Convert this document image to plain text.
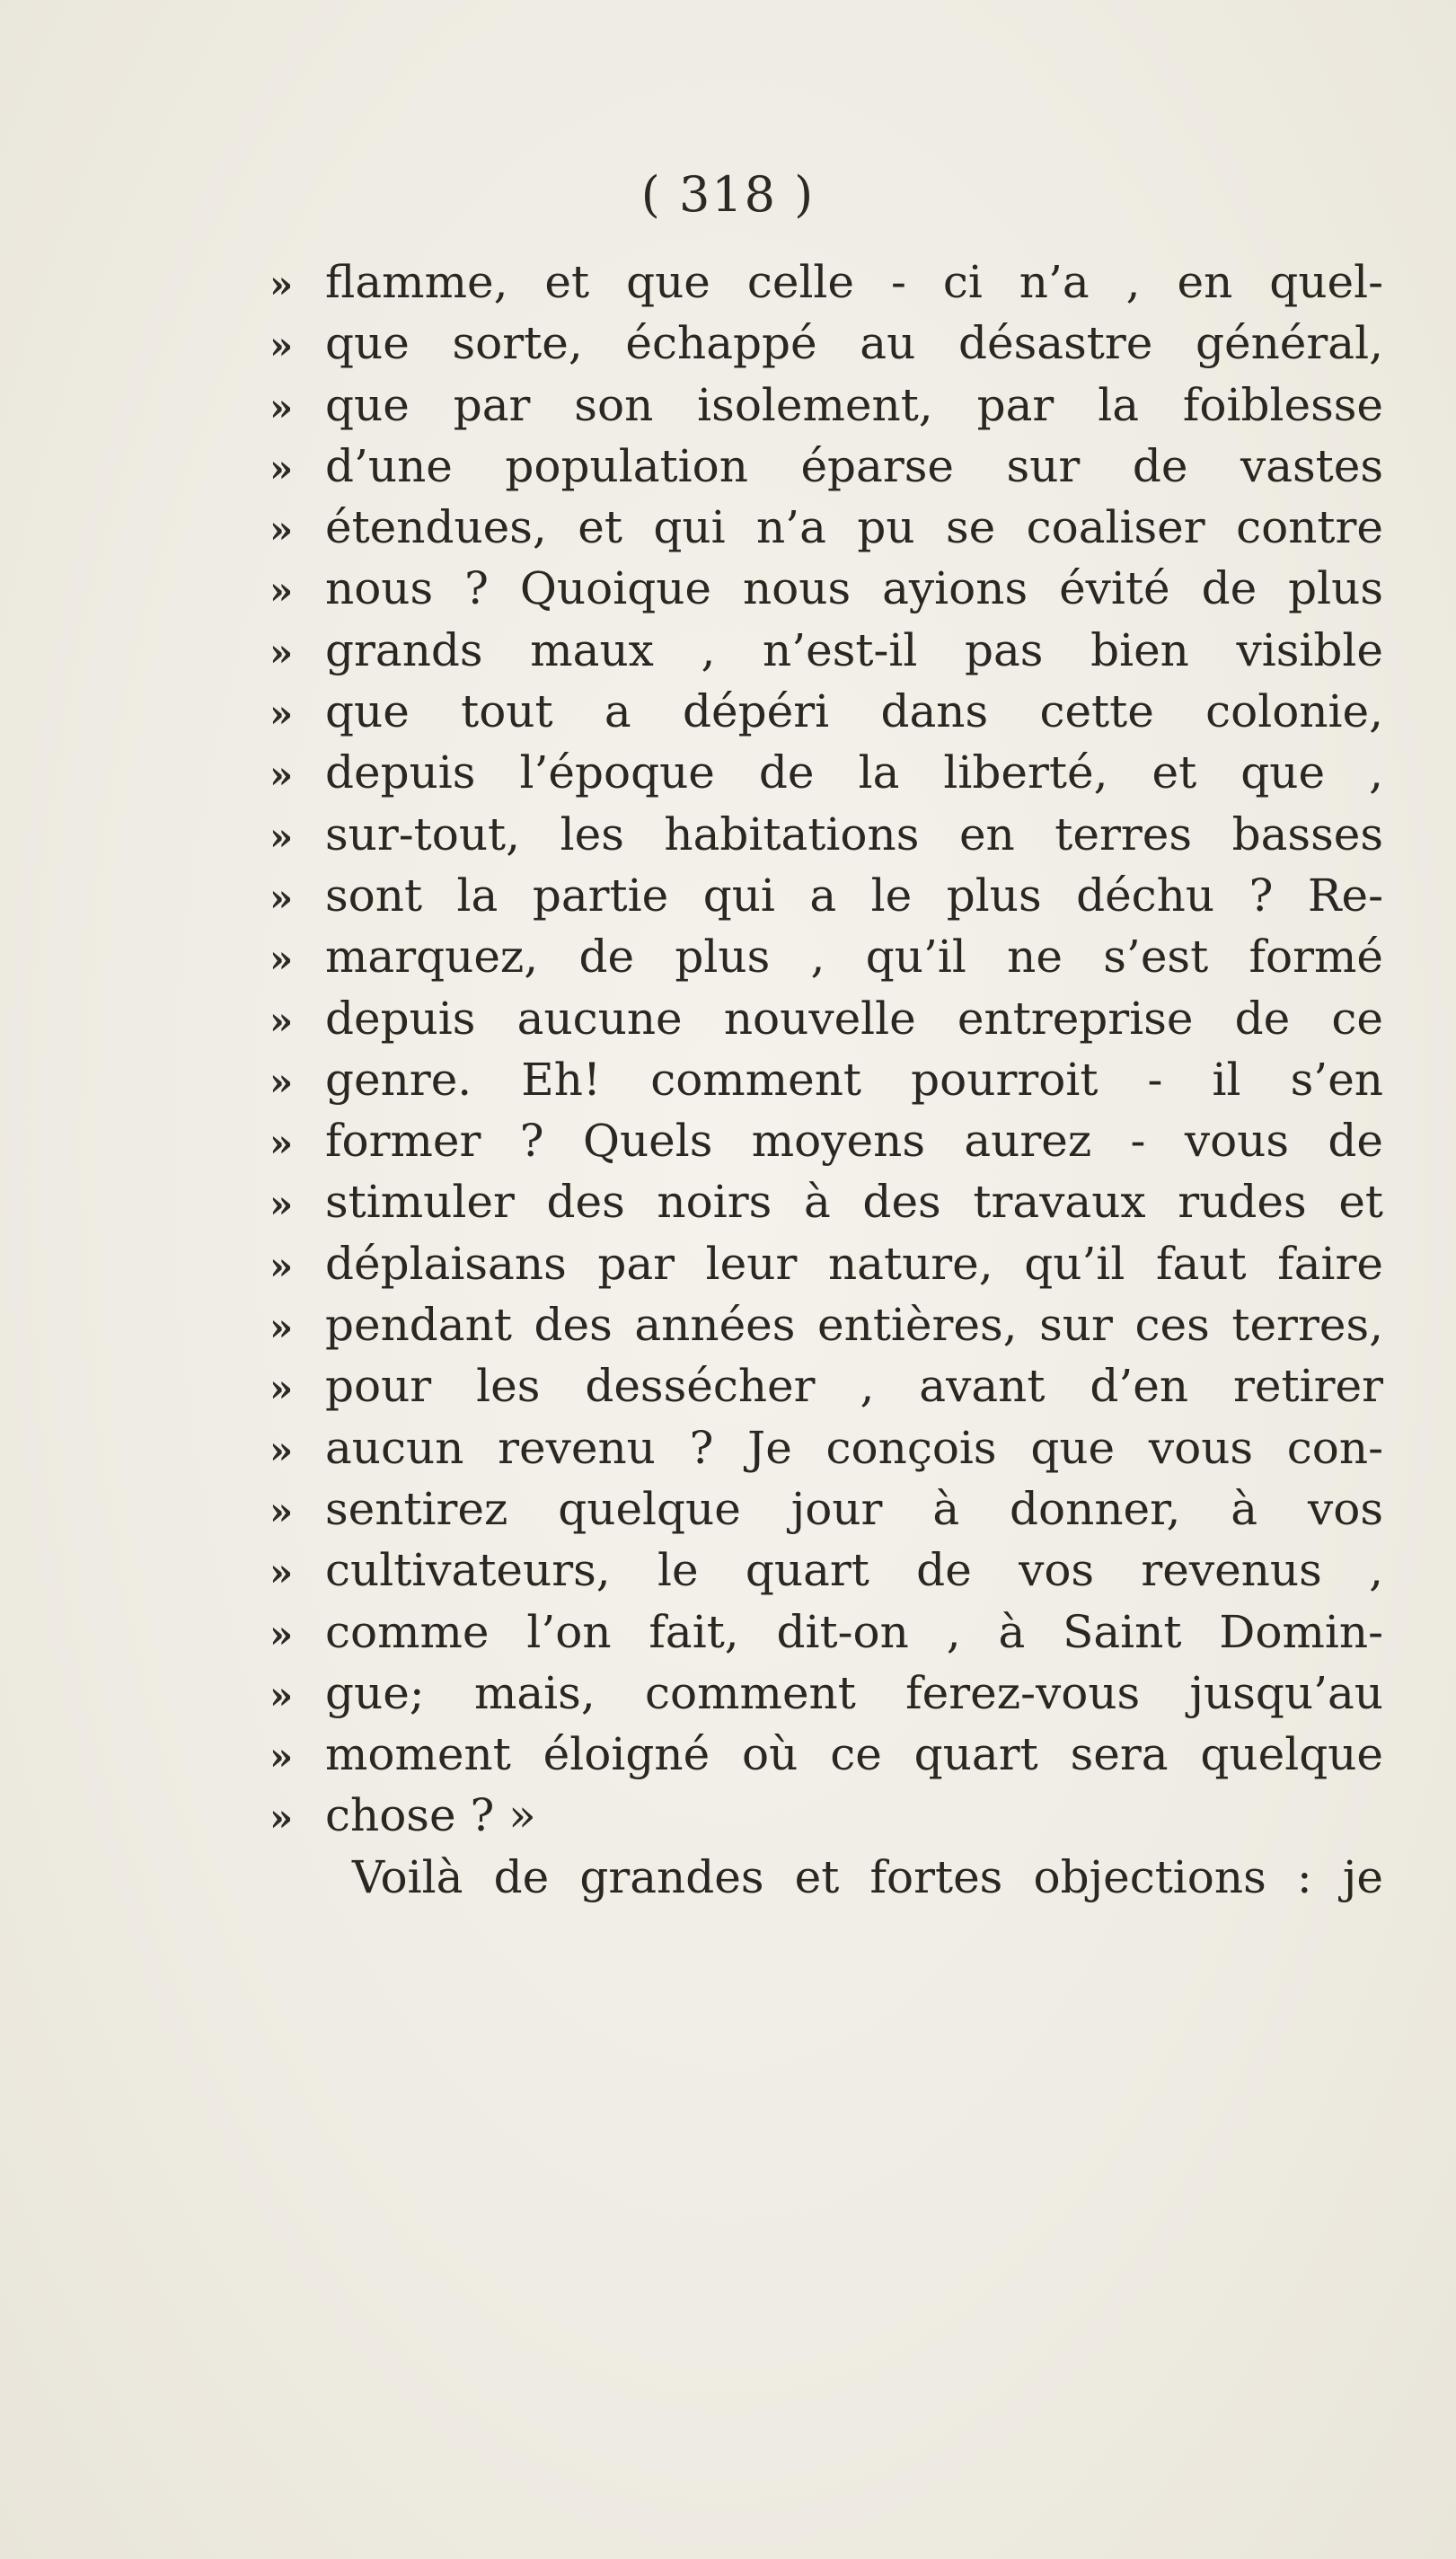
( 318 )
» flamme, et que celle - ci n’a , en quel-
» que sorte, échappé au désastre général,
» que par son isolement, par la foiblesse
» d’une population éparse sur de vastes
» étendues, et qui n’a pu se coaliser contre
» nous ? Quoique nous ayions évité de plus
» grands maux , n’est-il pas bien visible
» que tout a dépéri dans cette colonie,
» depuis l’époque de la liberté, et que ,
» sur-tout, les habitations en terres basses
» sont la partie qui a le plus déchu ? Re-
» marquez, de plus , qu’il ne s’est formé
» depuis aucune nouvelle entreprise de ce
» genre. Eh! comment pourroit - il s’en
» former ? Quels moyens aurez - vous de
» stimuler des noirs à des travaux rudes et
» déplaisans par leur nature, qu’il faut faire
» pendant des années entières, sur ces terres,
» pour les dessécher , avant d’en retirer
» aucun revenu ? Je conçois que vous con-
» sentirez quelque jour à donner, à vos
» cultivateurs, le quart de vos revenus ,
» comme l’on fait, dit-on , à Saint Domin-
» gue; mais, comment ferez-vous jusqu’au
» moment éloigné où ce quart sera quelque
» chose ? »
Voilà de grandes et fortes objections : je
